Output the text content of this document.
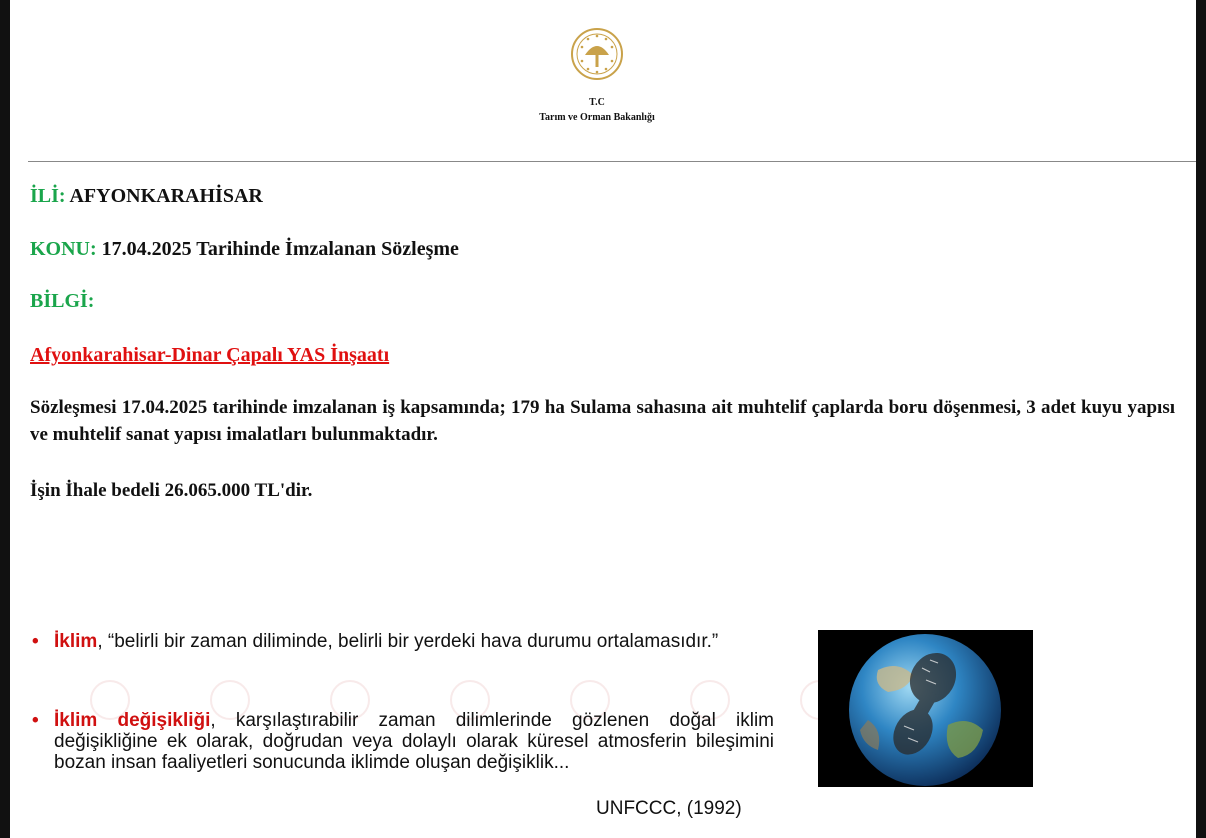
T.C
Tarım ve Orman Bakanlığı
İLİ: AFYONKARAHİSAR
KONU: 17.04.2025 Tarihinde İmzalanan Sözleşme
BİLGİ:
Afyonkarahisar-Dinar Çapalı YAS İnşaatı
Sözleşmesi 17.04.2025 tarihinde imzalanan iş kapsamında; 179 ha Sulama sahasına ait muhtelif çaplarda boru döşenmesi, 3 adet kuyu yapısı ve muhtelif sanat yapısı imalatları bulunmaktadır.
İşin İhale bedeli 26.065.000 TL'dir.
• İklim, “belirli bir zaman diliminde, belirli bir yerdeki hava durumu ortalamasıdır.”
• İklim değişikliği, karşılaştırabilir zaman dilimlerinde gözlenen doğal iklim değişikliğine ek olarak, doğrudan veya dolaylı olarak küresel atmosferin bileşimini bozan insan faaliyetleri sonucunda iklimde oluşan değişiklik...
UNFCCC, (1992)
